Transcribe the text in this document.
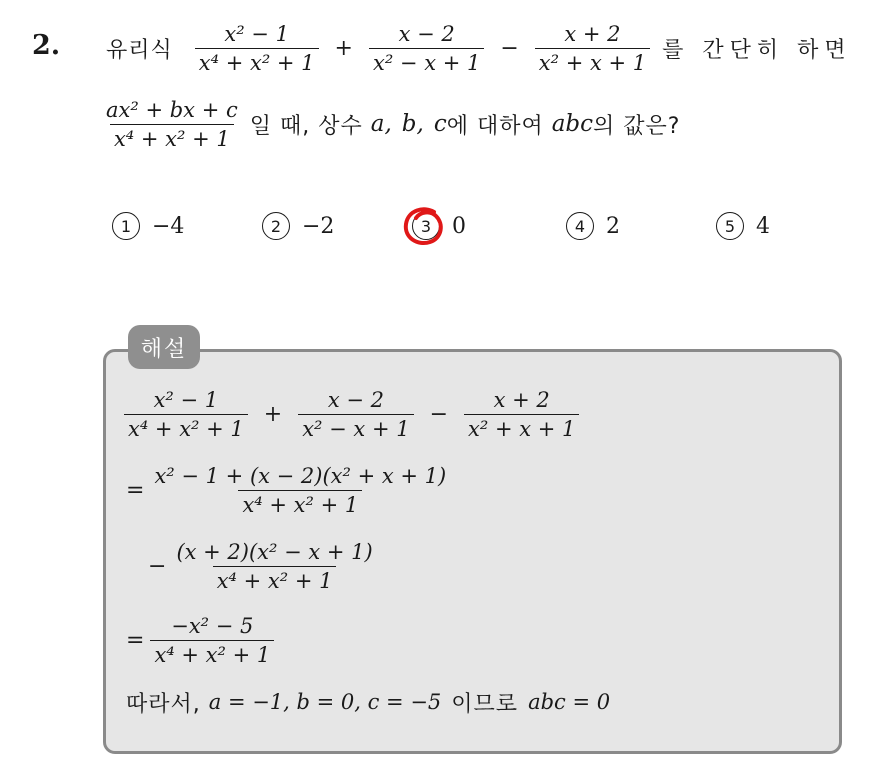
2. 유리식 $\frac{\text{x² − 1}}{\text{x⁴ + x² + 1}} + \frac{x - 2}{\text{x² − x + 1}} - \frac{x + 2}{\text{x² + x + 1}}$ 를 간단히 하면
$\frac{\text{ax² + bx + c}}{\text{x⁴ + x² + 1}}$ 일 때, 상수 a, b, c 에 대하여 abc 의 값은?
1 −4	2 −2	3 0	4 2	5 4
해설
$\frac{\text{x² − 1}}{\text{x⁴ + x² + 1}} + \frac{x - 2}{\text{x² − x + 1}} - \frac{x + 2}{\text{x² + x + 1}}$
= $\frac{\text{x² − 1 + (x − 2)(x² + x + 1)}}{\text{x⁴ + x² + 1}}$
− $\frac{\text{(x + 2)(x² − x + 1)}}{\text{x⁴ + x² + 1}}$
= $\frac{\text{−x² − 5}}{\text{x⁴ + x² + 1}}$
따라서, a = −1, b = 0, c = −5 이므로 abc = 0
